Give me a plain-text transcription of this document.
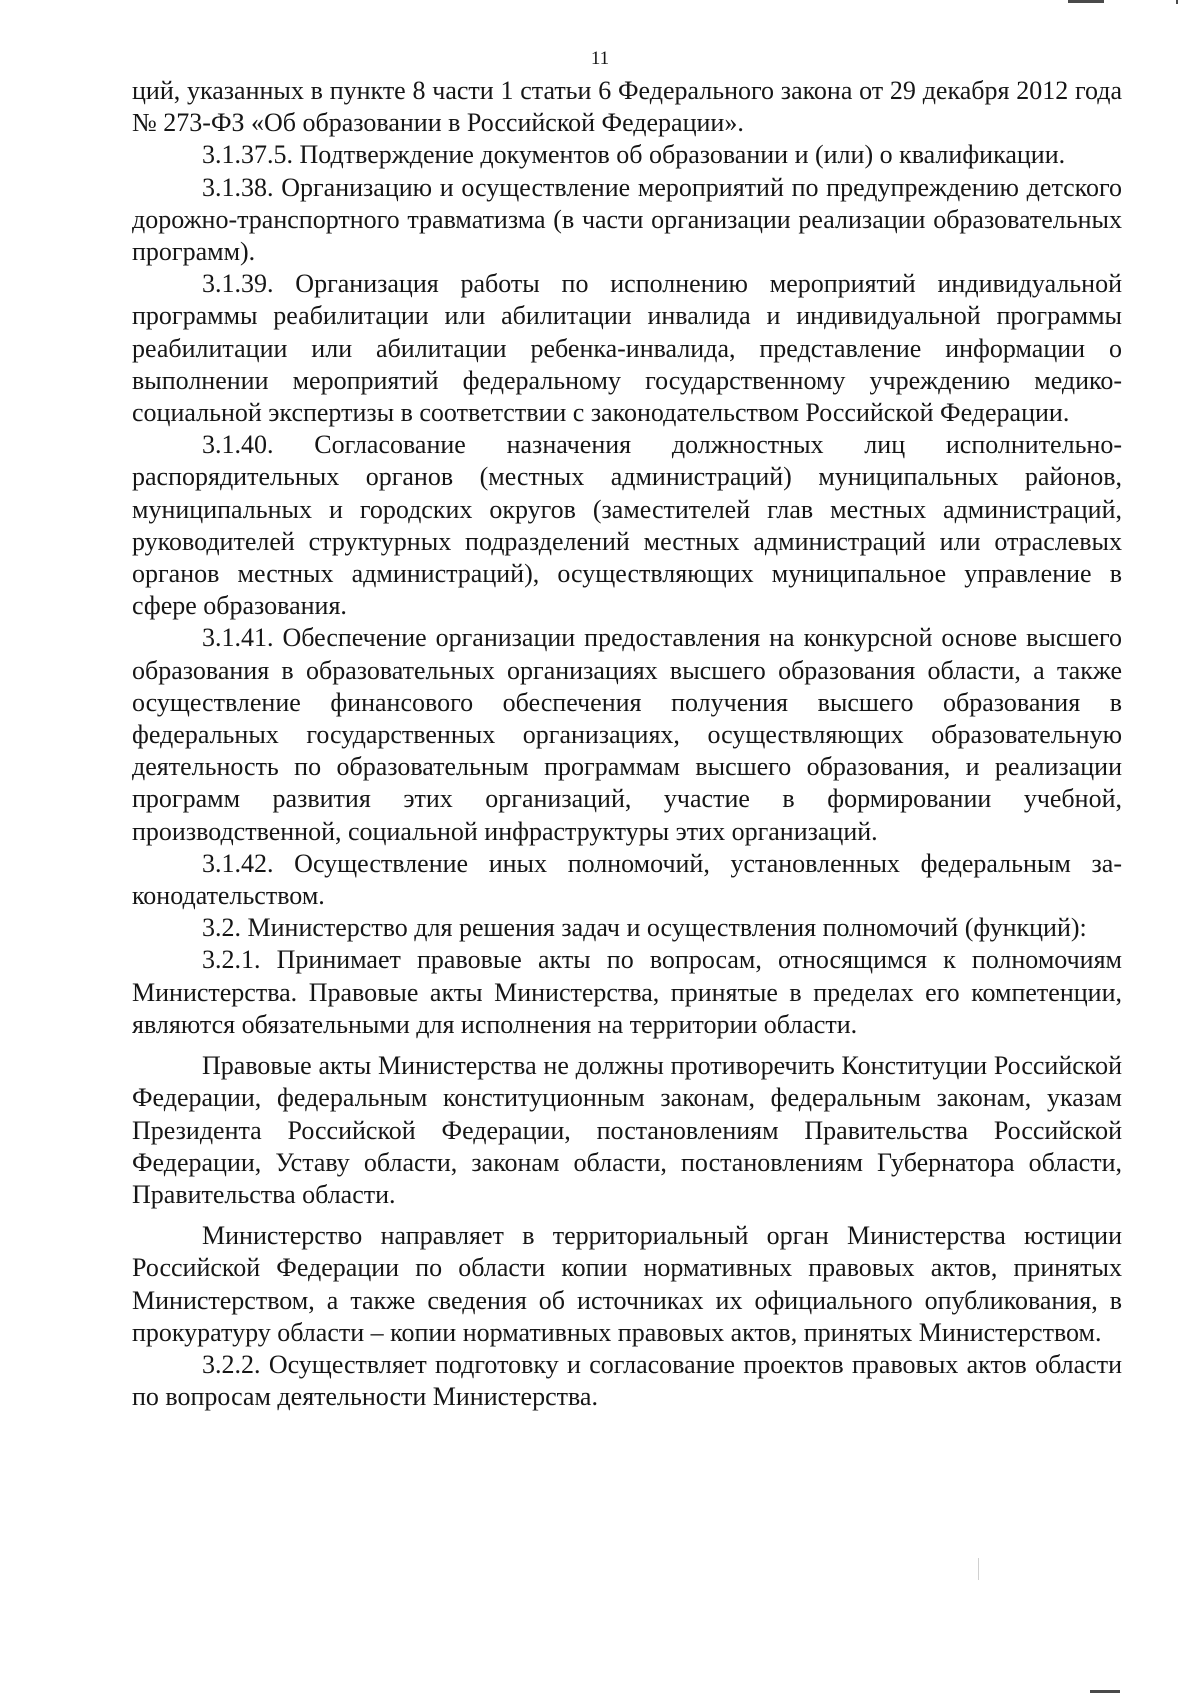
11

ций, указанных в пункте 8 части 1 статьи 6 Федерального закона от 29 декабря 2012 года № 273-ФЗ «Об образовании в Российской Федерации».

3.1.37.5. Подтверждение документов об образовании и (или) о квалификации.

3.1.38. Организацию и осуществление мероприятий по предупреждению детского дорожно-транспортного травматизма (в части организации реализации образовательных программ).

3.1.39. Организация работы по исполнению мероприятий индивидуальной программы реабилитации или абилитации инвалида и индивидуальной программы реабилитации или абилитации ребенка-инвалида, представление информации о выполнении мероприятий федеральному государственному учреждению медико-социальной экспертизы в соответствии с законодательством Российской Федерации.

3.1.40. Согласование назначения должностных лиц исполнительно-распорядительных органов (местных администраций) муниципальных районов, муниципальных и городских округов (заместителей глав местных администраций, руководителей структурных подразделений местных администраций или отраслевых органов местных администраций), осуществляющих муниципальное управление в сфере образования.

3.1.41. Обеспечение организации предоставления на конкурсной основе высшего образования в образовательных организациях высшего образования области, а также осуществление финансового обеспечения получения высшего образования в федеральных государственных организациях, осуществляющих образовательную деятельность по образовательным программам высшего образования, и реализации программ развития этих организаций, участие в формировании учебной, производственной, социальной инфраструктуры этих организаций.

3.1.42. Осуществление иных полномочий, установленных федеральным законодательством.

3.2. Министерство для решения задач и осуществления полномочий (функций):

3.2.1. Принимает правовые акты по вопросам, относящимся к полномочиям Министерства. Правовые акты Министерства, принятые в пределах его компетенции, являются обязательными для исполнения на территории области.

Правовые акты Министерства не должны противоречить Конституции Российской Федерации, федеральным конституционным законам, федеральным законам, указам Президента Российской Федерации, постановлениям Правительства Российской Федерации, Уставу области, законам области, постановлениям Губернатора области, Правительства области.

Министерство направляет в территориальный орган Министерства юстиции Российской Федерации по области копии нормативных правовых актов, принятых Министерством, а также сведения об источниках их официального опубликования, в прокуратуру области – копии нормативных правовых актов, принятых Министерством.

3.2.2. Осуществляет подготовку и согласование проектов правовых актов области по вопросам деятельности Министерства.
